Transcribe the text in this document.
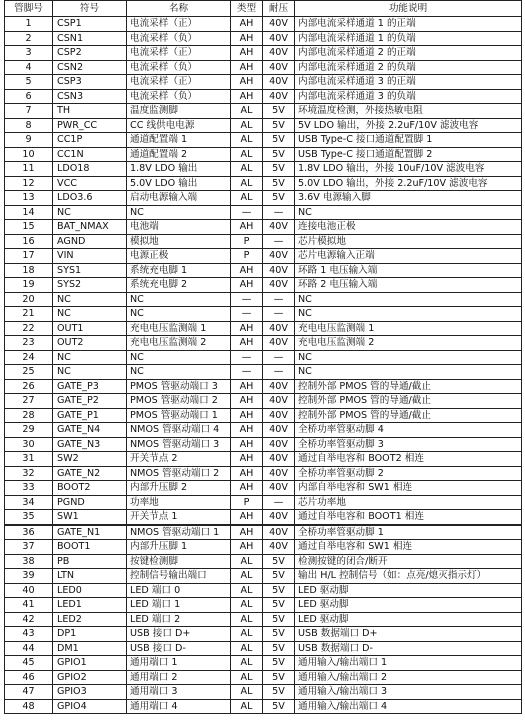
管脚号	符号	名称	类型	耐压	功能说明
1	CSP1	电流采样（正）	AH	40V	内部电流采样通道 1 的正端
2	CSN1	电流采样（负）	AH	40V	内部电流采样通道 1 的负端
3	CSP2	电流采样（正）	AH	40V	内部电流采样通道 2 的正端
4	CSN2	电流采样（负）	AH	40V	内部电流采样通道 2 的负端
5	CSP3	电流采样（正）	AH	40V	内部电流采样通道 3 的正端
6	CSN3	电流采样（负）	AH	40V	内部电流采样通道 3 的负端
7	TH	温度监测脚	AL	5V	环境温度检测，外接热敏电阻
8	PWR_CC	CC 线供电电源	AL	5V	5V LDO 输出，外接 2.2uF/10V 滤波电容
9	CC1P	通道配置端 1	AL	5V	USB Type-C 接口通道配置脚 1
10	CC1N	通道配置端 2	AL	5V	USB Type-C 接口通道配置脚 2
11	LDO18	1.8V LDO 输出	AL	5V	1.8V LDO 输出，外接 10uF/10V 滤波电容
12	VCC	5.0V LDO 输出	AL	5V	5.0V LDO 输出，外接 2.2uF/10V 滤波电容
13	LDO3.6	启动电源输入端	AL	5V	3.6V 电源输入脚
14	NC	NC	—	—	NC
15	BAT_NMAX	电池端	AH	40V	连接电池正极
16	AGND	模拟地	P	—	芯片模拟地
17	VIN	电源正极	P	40V	芯片电源输入正端
18	SYS1	系统充电脚 1	AH	40V	环路 1 电压输入端
19	SYS2	系统充电脚 2	AH	40V	环路 2 电压输入端
20	NC	NC	—	—	NC
21	NC	NC	—	—	NC
22	OUT1	充电电压监测端 1	AH	40V	充电电压监测端 1
23	OUT2	充电电压监测端 2	AH	40V	充电电压监测端 2
24	NC	NC	—	—	NC
25	NC	NC	—	—	NC
26	GATE_P3	PMOS 管驱动端口 3	AH	40V	控制外部 PMOS 管的导通/截止
27	GATE_P2	PMOS 管驱动端口 2	AH	40V	控制外部 PMOS 管的导通/截止
28	GATE_P1	PMOS 管驱动端口 1	AH	40V	控制外部 PMOS 管的导通/截止
29	GATE_N4	NMOS 管驱动端口 4	AH	40V	全桥功率管驱动脚 4
30	GATE_N3	NMOS 管驱动端口 3	AH	40V	全桥功率管驱动脚 3
31	SW2	开关节点 2	AH	40V	通过自举电容和 BOOT2 相连
32	GATE_N2	NMOS 管驱动端口 2	AH	40V	全桥功率管驱动脚 2
33	BOOT2	内部升压脚 2	AH	40V	内部自举电容和 SW1 相连
34	PGND	功率地	P	—	芯片功率地
35	SW1	开关节点 1	AH	40V	通过自举电容和 BOOT1 相连
36	GATE_N1	NMOS 管驱动端口 1	AH	40V	全桥功率管驱动脚 1
37	BOOT1	内部升压脚 1	AH	40V	通过自举电容和 SW1 相连
38	PB	按键检测脚	AL	5V	检测按键的闭合/断开
39	LTN	控制信号输出端口	AL	5V	输出 H/L 控制信号（如：点亮/熄灭指示灯）
40	LED0	LED 端口 0	AL	5V	LED 驱动脚
41	LED1	LED 端口 1	AL	5V	LED 驱动脚
42	LED2	LED 端口 2	AL	5V	LED 驱动脚
43	DP1	USB 接口 D+	AL	5V	USB 数据端口 D+
44	DM1	USB 接口 D-	AL	5V	USB 数据端口 D-
45	GPIO1	通用端口 1	AL	5V	通用输入/输出端口 1
46	GPIO2	通用端口 2	AL	5V	通用输入/输出端口 2
47	GPIO3	通用端口 3	AL	5V	通用输入/输出端口 3
48	GPIO4	通用端口 4	AL	5V	通用输入/输出端口 4
